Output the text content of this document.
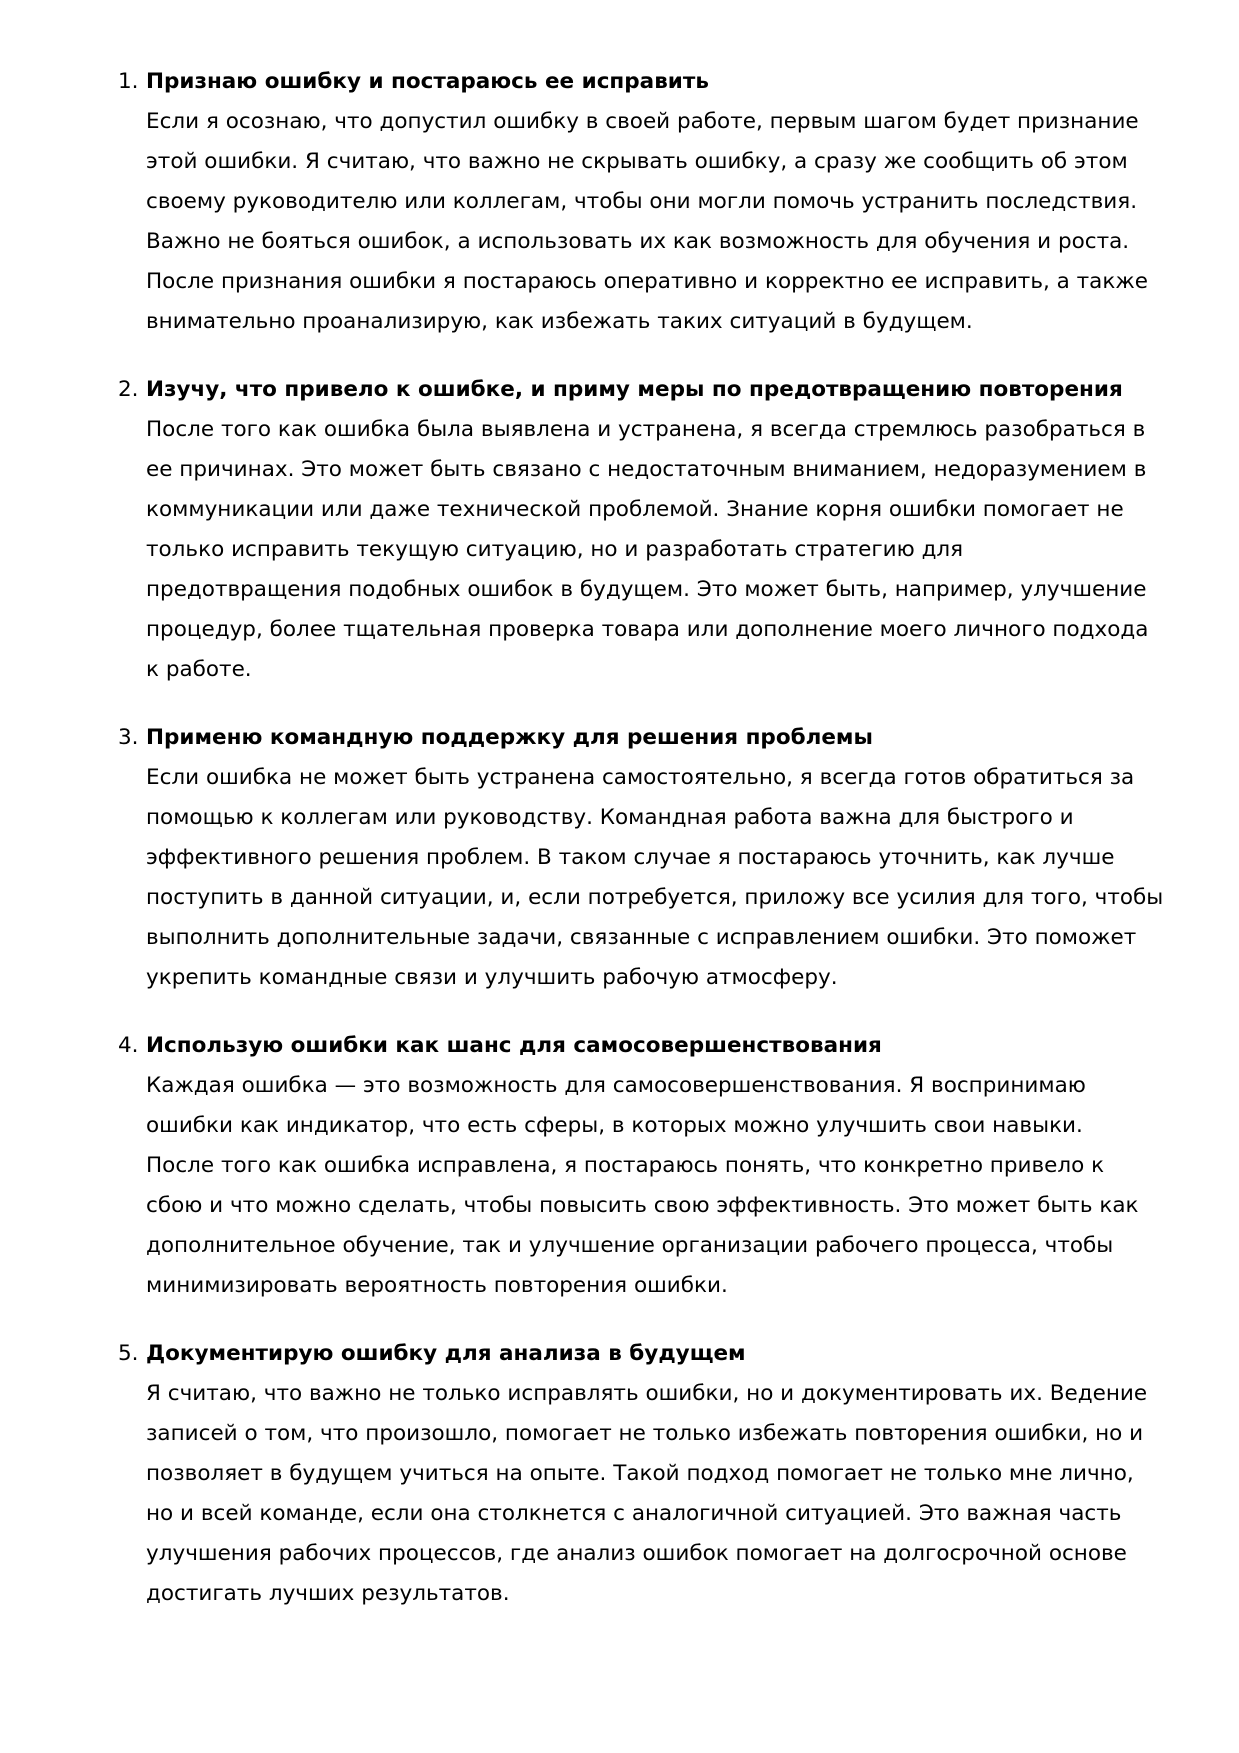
1. Признаю ошибку и постараюсь ее исправить
Если я осознаю, что допустил ошибку в своей работе, первым шагом будет признание
этой ошибки. Я считаю, что важно не скрывать ошибку, а сразу же сообщить об этом
своему руководителю или коллегам, чтобы они могли помочь устранить последствия.
Важно не бояться ошибок, а использовать их как возможность для обучения и роста.
После признания ошибки я постараюсь оперативно и корректно ее исправить, а также
внимательно проанализирую, как избежать таких ситуаций в будущем.
2. Изучу, что привело к ошибке, и приму меры по предотвращению повторения
После того как ошибка была выявлена и устранена, я всегда стремлюсь разобраться в
ее причинах. Это может быть связано с недостаточным вниманием, недоразумением в
коммуникации или даже технической проблемой. Знание корня ошибки помогает не
только исправить текущую ситуацию, но и разработать стратегию для
предотвращения подобных ошибок в будущем. Это может быть, например, улучшение
процедур, более тщательная проверка товара или дополнение моего личного подхода
к работе.
3. Применю командную поддержку для решения проблемы
Если ошибка не может быть устранена самостоятельно, я всегда готов обратиться за
помощью к коллегам или руководству. Командная работа важна для быстрого и
эффективного решения проблем. В таком случае я постараюсь уточнить, как лучше
поступить в данной ситуации, и, если потребуется, приложу все усилия для того, чтобы
выполнить дополнительные задачи, связанные с исправлением ошибки. Это поможет
укрепить командные связи и улучшить рабочую атмосферу.
4. Использую ошибки как шанс для самосовершенствования
Каждая ошибка — это возможность для самосовершенствования. Я воспринимаю
ошибки как индикатор, что есть сферы, в которых можно улучшить свои навыки.
После того как ошибка исправлена, я постараюсь понять, что конкретно привело к
сбою и что можно сделать, чтобы повысить свою эффективность. Это может быть как
дополнительное обучение, так и улучшение организации рабочего процесса, чтобы
минимизировать вероятность повторения ошибки.
5. Документирую ошибку для анализа в будущем
Я считаю, что важно не только исправлять ошибки, но и документировать их. Ведение
записей о том, что произошло, помогает не только избежать повторения ошибки, но и
позволяет в будущем учиться на опыте. Такой подход помогает не только мне лично,
но и всей команде, если она столкнется с аналогичной ситуацией. Это важная часть
улучшения рабочих процессов, где анализ ошибок помогает на долгосрочной основе
достигать лучших результатов.
